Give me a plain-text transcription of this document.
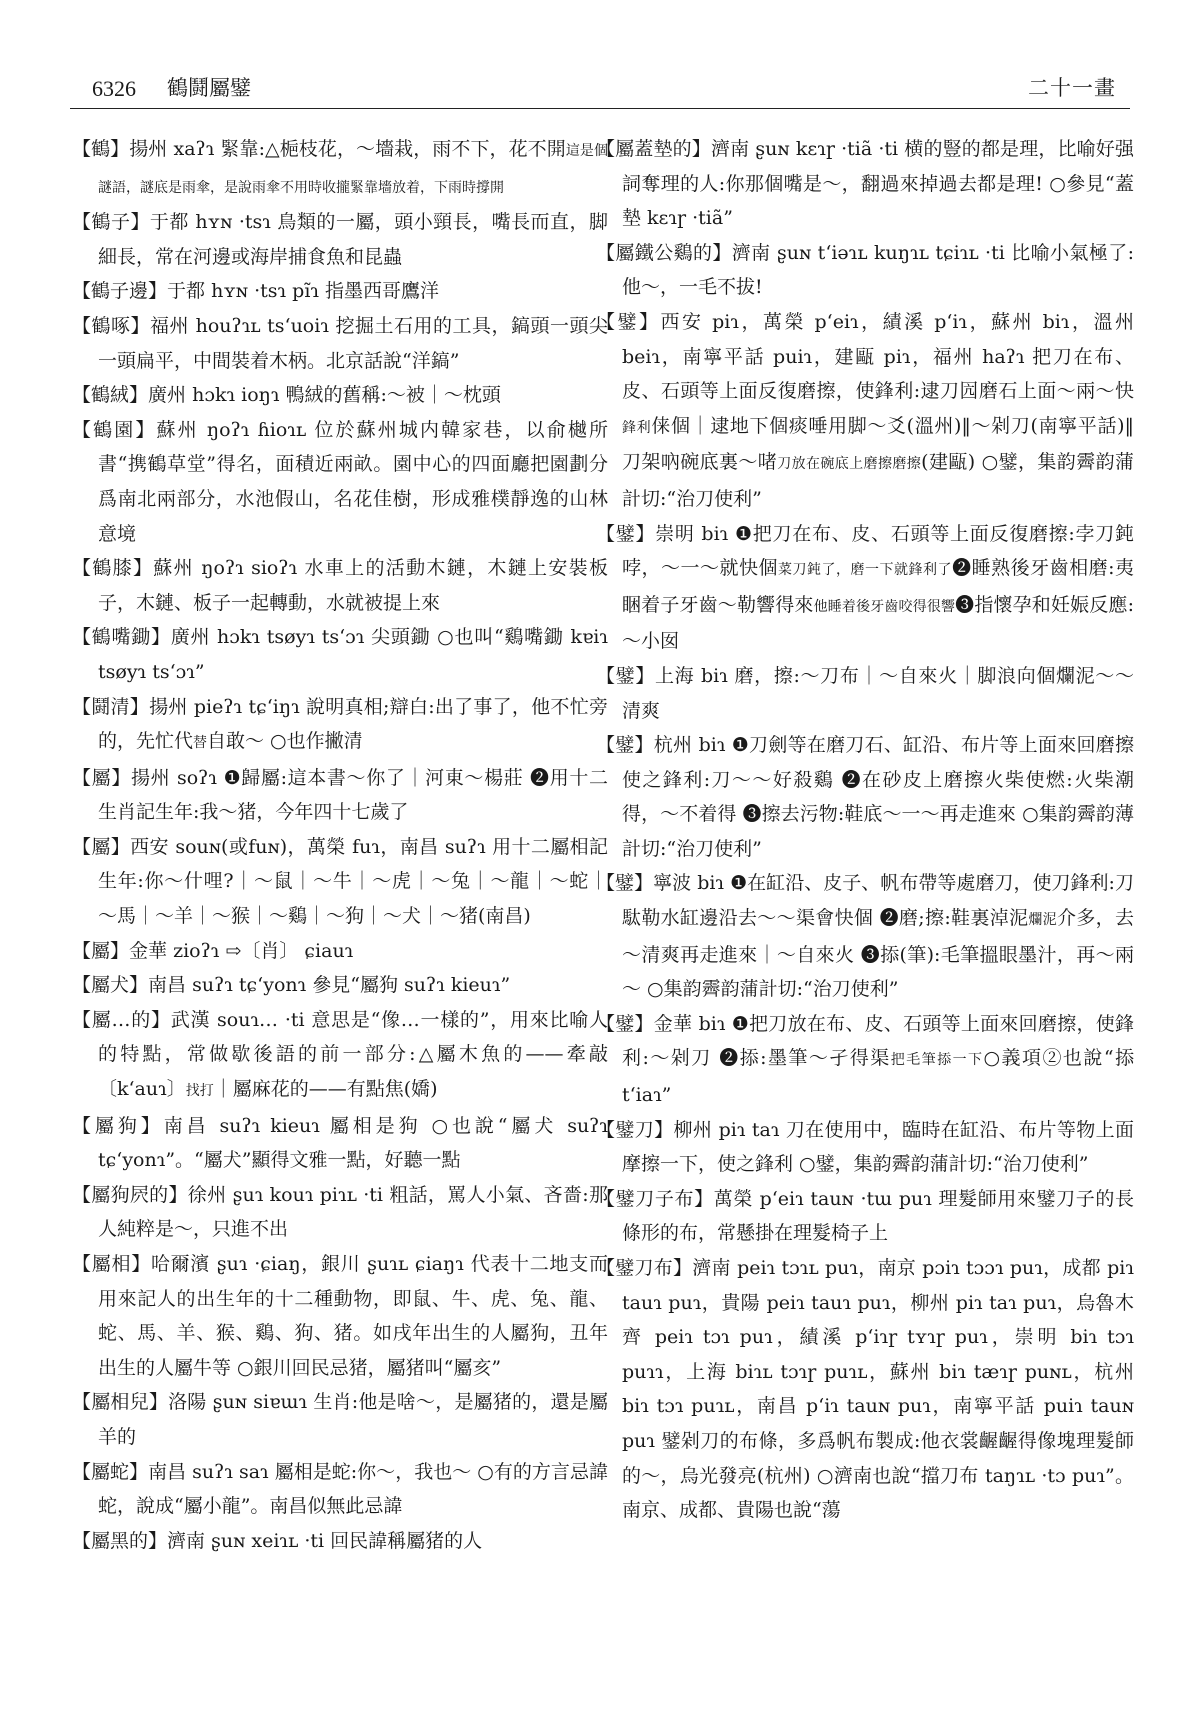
6326 鶴鬪屬鐾	二十一畫

【 鶴 】 揚州 xaʔɿ 緊靠:△梔枝花，～墻栽，雨不下，花不開這是個謎語，謎底是雨傘，是說雨傘不用時收攏緊靠墻放着，下雨時撐開

【 鶴子 】 于都 hʏɴ ·tsɿ 鳥類的一屬，頭小頸長，嘴長而直，脚細長，常在河邊或海岸捕食魚和昆蟲

【 鶴子邊 】 于都 hʏɴ ·tsɿ pĩɿ 指墨西哥鷹洋

【 鶴啄 】 福州 houʔɿʟ tsʻuoiɿ 挖掘土石用的工具，鎬頭一頭尖一頭扁平，中間裝着木柄。北京話說“洋鎬”

【 鶴絨 】 廣州 hɔkɿ ioŋɿ 鴨絨的舊稱:～被｜～枕頭

【 鶴園 】 蘇州 ŋoʔɿ ɦioɿʟ 位於蘇州城内韓家巷，以俞樾所書“携鶴草堂”得名，面積近兩畝。園中心的四面廳把園劃分爲南北兩部分，水池假山，名花佳樹，形成雅樸靜逸的山林意境

【 鶴膝 】 蘇州 ŋoʔɿ sioʔɿ 水車上的活動木鏈，木鏈上安裝板子，木鏈、板子一起轉動，水就被提上來

【 鶴嘴鋤 】 廣州 hɔkɿ tsøyɿ tsʻɔɿ 尖頭鋤 ○也叫“鷄嘴鋤 kɐiɿ tsøyɿ tsʻɔɿ”

【 鬪清 】 揚州 pieʔɿ tɕʻiŋɿ 說明真相;辯白:出了事了，他不忙旁的，先忙代替自敢～ ○也作撇清

【 屬 】 揚州 soʔɿ ❶歸屬:這本書～你了｜河東～楊莊 ❷用十二生肖記生年:我～猪，今年四十七歲了

【 屬 】 西安 souɴ(或fuɴ)，萬榮 fuɿ，南昌 suʔɿ 用十二屬相記生年:你～什哩?｜～鼠｜～牛｜～虎｜～兔｜～龍｜～蛇｜～馬｜～羊｜～猴｜～鷄｜～狗｜～犬｜～猪(南昌)

【 屬 】 金華 zioʔɿ ⇨〔肖〕 ɕiauɿ

【 屬犬 】 南昌 suʔɿ tɕʻyonɿ 參見“屬狗 suʔɿ kieuɿ”

【 屬…的 】 武漢 souɿ… ·ti 意思是“像…一樣的”，用來比喻人的特點，常做歇後語的前一部分:△屬木魚的——牽敲〔kʻauɿ〕找打｜屬麻花的——有點焦(嬌)

【 屬狗 】 南昌 suʔɿ kieuɿ 屬相是狗 ○也說“屬犬 suʔɿ tɕʻyonɿ”。“屬犬”顯得文雅一點，好聽一點

【 屬狗屄的 】 徐州 ʂuɿ kouɿ piɿʟ ·ti 粗話，罵人小氣、吝嗇:那人純粹是～，只進不出

【 屬相 】 哈爾濱 ʂuɿ ·ɕiaŋ，銀川 ʂuɿʟ ɕiaŋɿ 代表十二地支而用來記人的出生年的十二種動物，即鼠、牛、虎、兔、龍、蛇、馬、羊、猴、鷄、狗、猪。如戌年出生的人屬狗，丑年出生的人屬牛等 ○銀川回民忌猪，屬猪叫“屬亥”

【 屬相兒 】 洛陽 ʂuɴ siɐɯɿ 生肖:他是啥～，是屬猪的，還是屬羊的

【 屬蛇 】 南昌 suʔɿ saɿ 屬相是蛇:你～，我也～ ○有的方言忌諱蛇，說成“屬小龍”。南昌似無此忌諱

【 屬黑的 】 濟南 ʂuɴ xeiɿʟ ·ti 回民諱稱屬猪的人

【 屬蓋墊的 】 濟南 ʂuɴ kɛɿɼ ·tiã ·ti 横的豎的都是理，比喻好强詞奪理的人:你那個嘴是～，翻過來掉過去都是理! ○參見“蓋墊 kɛɿɼ ·tiã”

【 屬鐵公鷄的 】 濟南 ʂuɴ tʻiəɿʟ kuŋɿʟ tɕiɿʟ ·ti 比喻小氣極了:他～，一毛不拔!

【 鐾 】 西安 piɿ，萬榮 pʻeiɿ，績溪 pʻiɿ，蘇州 biɿ，溫州 beiɿ，南寧平話 puiɿ，建甌 piɿ，福州 haʔɿ 把刀在布、皮、石頭等上面反復磨擦，使鋒利:逮刀囥磨石上面～兩～快鋒利俫個｜逮地下個痰唾用脚～爻(溫州)‖～剁刀(南寧平話)‖刀架吶碗底裏～啫刀放在碗底上磨擦磨擦(建甌) ○鐾，集韵霽韵蒲計切:“治刀使利”

【 鐾 】 崇明 biɿ ❶把刀在布、皮、石頭等上面反復磨擦:孛刀鈍哱，～一～就快個菜刀鈍了，磨一下就鋒利了❷睡熟後牙齒相磨:夷睏着子牙齒～勒響得來他睡着後牙齒咬得很響❸指懷孕和妊娠反應:～小囡

【 鐾 】 上海 biɿ 磨，擦:～刀布｜～自來火｜脚浪向個爛泥～～清爽

【 鐾 】 杭州 biɿ ❶刀劍等在磨刀石、缸沿、布片等上面來回磨擦使之鋒利:刀～～好殺鷄 ❷在砂皮上磨擦火柴使燃:火柴潮得，～不着得 ❸擦去污物:鞋底～一～再走進來 ○集韵霽韵薄計切:“治刀使利”

【 鐾 】 寧波 biɿ ❶在缸沿、皮子、帆布帶等處磨刀，使刀鋒利:刀駄勒水缸邊沿去～～渠會快個 ❷磨;擦:鞋裏淖泥爛泥介多，去～清爽再走進來｜～自來火 ❸掭(筆):毛筆搵眼墨汁，再～兩～ ○集韵霽韵蒲計切:“治刀使利”

【 鐾 】 金華 biɿ ❶把刀放在布、皮、石頭等上面來回磨擦，使鋒利:～剁刀 ❷掭:墨筆～孑得渠把毛筆掭一下○義項②也說“掭 tʻiaɿ”

【 鐾刀 】 柳州 piɿ taɿ 刀在使用中，臨時在缸沿、布片等物上面摩擦一下，使之鋒利 ○鐾，集韵霽韵蒲計切:“治刀使利”

【 鐾刀子布 】 萬榮 pʻeiɿ tauɴ ·tɯ puɿ 理髮師用來鐾刀子的長條形的布，常懸掛在理髮椅子上

【 鐾刀布 】 濟南 peiɿ tɔɿʟ puɿ，南京 pɔiɿ tɔɔɿ puɿ，成都 piɿ tauɿ puɿ，貴陽 peiɿ tauɿ puɿ，柳州 piɿ taɿ puɿ，烏魯木齊 peiɿ tɔɿ puɿ，績溪 pʻiɿɼ tʏɿɼ puɿ，崇明 biɿ tɔɿ puɿɿ，上海 biɿʟ tɔɿɼ puɿʟ，蘇州 biɿ tæɿɼ puɴʟ，杭州 biɿ tɔɿ puɿʟ，南昌 pʻiɿ tauɴ puɿ，南寧平話 puiɿ tauɴ puɿ 鐾剁刀的布條，多爲帆布製成:他衣裳齷齷得像塊理髮師的～，烏光發亮(杭州) ○濟南也說“擋刀布 taŋɿʟ ·tɔ puɿ”。南京、成都、貴陽也說“蕩
